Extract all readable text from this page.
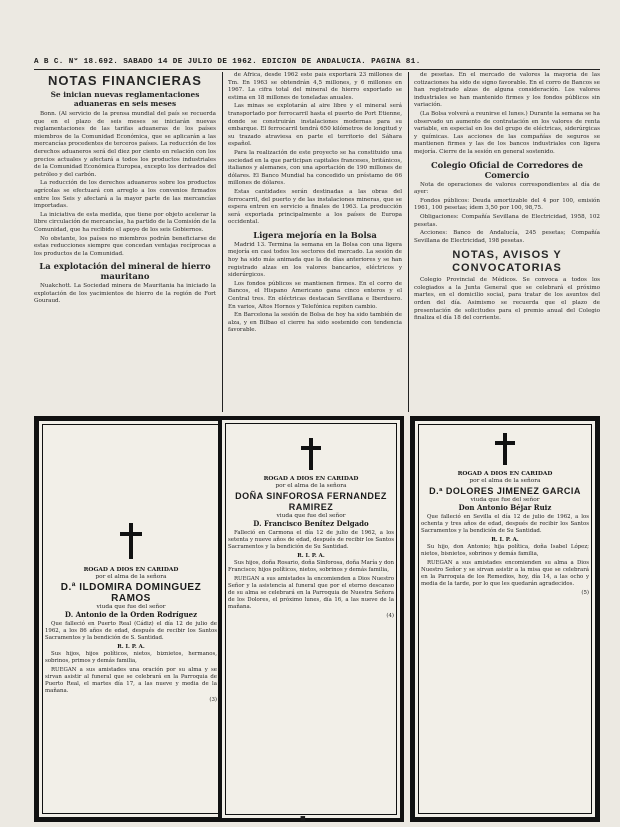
A B C. Nº 18.692. SABADO 14 DE JULIO DE 1962. EDICION DE ANDALUCIA. PAGINA 81.
NOTAS FINANCIERAS
Se inician nuevas reglamentaciones aduaneras en seis meses

Bonn. (Al servicio de la prensa mundial del país se recuerda que en el plazo de seis meses se iniciarán nuevas reglamentaciones de las tarifas aduaneras de los países miembros de la Comunidad Económica, que se aplicarán a las mercancías procedentes de terceros países. La reducción de los derechos aduaneros será del diez por ciento en relación con los precios actuales y afectará a todos los productos industriales de la Comunidad Económica Europea, excepto los derivados del petróleo y del carbón.

La reducción de los derechos aduaneros sobre los productos agrícolas se efectuará con arreglo a los convenios firmados entre los Seis y afectará a la mayor parte de las mercancías importadas.

La iniciativa de esta medida, que tiene por objeto acelerar la libre circulación de mercancías, ha partido de la Comisión de la Comunidad, que ha recibido el apoyo de los seis Gobiernos.

No obstante, los países no miembros podrán beneficiarse de estas reducciones siempre que concedan ventajas recíprocas a los productos de la Comunidad.

La explotación del mineral de hierro mauritano

Nuakchott. La Sociedad minera de Mauritania ha iniciado la explotación de los yacimientos de hierro de la región de Fort Gouraud.

de África, desde 1962 este país exportará 23 millones de Tm. En 1963 se obtendrán 4,5 millones, y 6 millones en 1967. La cifra total del mineral de hierro exportado se estima en 18 millones de toneladas anuales.

Las minas se explotarán al aire libre y el mineral será transportado por ferrocarril hasta el puerto de Port Etienne, donde se construirán instalaciones modernas para su embarque. El ferrocarril tendrá 650 kilómetros de longitud y su trazado atraviesa en parte el territorio del Sáhara español.

Para la realización de este proyecto se ha constituido una sociedad en la que participan capitales franceses, británicos, italianos y alemanes, con una aportación de 190 millones de dólares. El Banco Mundial ha concedido un préstamo de 66 millones de dólares.

Estas cantidades serán destinadas a las obras del ferrocarril, del puerto y de las instalaciones mineras, que se espera entren en servicio a finales de 1963. La producción será exportada principalmente a los países de Europa occidental.

Ligera mejoría en la Bolsa

Madrid 13. Termina la semana en la Bolsa con una ligera mejoría en casi todos los sectores del mercado. La sesión de hoy ha sido más animada que la de días anteriores y se han registrado alzas en los valores bancarios, eléctricos y siderúrgicos.

Los fondos públicos se mantienen firmes. En el corro de Bancos, el Hispano Americano gana cinco enteros y el Central tres. En eléctricas destacan Sevillana e Iberduero. En varios, Altos Hornos y Telefónica repiten cambio.

En Barcelona la sesión de Bolsa de hoy ha sido también de alza, y en Bilbao el cierre ha sido sostenido con tendencia favorable.

de pesetas. En el mercado de valores la mayoría de las cotizaciones ha sido de signo favorable. En el corro de Bancos se han registrado alzas de alguna consideración. Los valores industriales se han mantenido firmes y los fondos públicos sin variación.

(La Bolsa volverá a reunirse el lunes.) Durante la semana se ha observado un aumento de contratación en los valores de renta variable, en especial en los del grupo de eléctricas, siderúrgicas y químicas. Las acciones de las compañías de seguros se mantienen firmes y las de los bancos industriales con ligera mejoría. Cierre de la sesión en general sostenido.

Colegio Oficial de Corredores de Comercio

Nota de operaciones de valores correspondientes al día de ayer:

Fondos públicos: Deuda amortizable del 4 por 100, emisión 1961, 100 pesetas; ídem 3,50 por 100, 98,75.

Obligaciones: Compañía Sevillana de Electricidad, 1958, 102 pesetas.

Acciones: Banco de Andalucía, 245 pesetas; Compañía Sevillana de Electricidad, 198 pesetas.

NOTAS, AVISOS Y CONVOCATORIAS

Colegio Provincial de Médicos. Se convoca a todos los colegiados a la Junta General que se celebrará el próximo martes, en el domicilio social, para tratar de los asuntos del orden del día. Asimismo se recuerda que el plazo de presentación de solicitudes para el premio anual del Colegio finaliza el día 18 del corriente.

ROGAD A DIOS EN CARIDAD
por el alma de la señora
D.ª ILDOMIRA DOMINGUEZ RAMOS
viuda que fue del señor
D. Antonio de la Orden Rodríguez

Que falleció en Puerto Real (Cádiz) el día 12 de julio de 1962, a los 86 años de edad, después de recibir los Santos Sacramentos y la bendición de S. Santidad.

R. I. P. A.

Sus hijos, hijos políticos, nietos, biznietos, hermanos, sobrinos, primos y demás familia,

RUEGAN a sus amistades una oración por su alma y se sirvan asistir al funeral que se celebrará en la Parroquia de Puerto Real, el martes día 17, a las nueve y media de la mañana.

(3)
ROGAD A DIOS EN CARIDAD
por el alma de la señora
DOÑA SINFOROSA FERNANDEZ RAMIREZ
viuda que fue del señor
D. Francisco Benítez Delgado

Falleció en Carmona el día 12 de julio de 1962, a los setenta y nueve años de edad, después de recibir los Santos Sacramentos y la bendición de Su Santidad.

R. I. P. A.

Sus hijos, doña Rosario, doña Sinforosa, doña María y don Francisco; hijos políticos, nietos, sobrinos y demás familia,

RUEGAN a sus amistades la encomienden a Dios Nuestro Señor y la asistencia al funeral que por el eterno descanso de su alma se celebrará en la Parroquia de Nuestra Señora de los Dolores, el próximo lunes, día 16, a las nueve de la mañana.

(4)
ROGAD A DIOS EN CARIDAD
por el alma de la señora
D.ª DOLORES JIMENEZ GARCIA
viuda que fue del señor
Don Antonio Béjar Ruiz

Que falleció en Sevilla el día 12 de julio de 1962, a los ochenta y tres años de edad, después de recibir los Santos Sacramentos y la bendición de Su Santidad.

R. I. P. A.

Su hijo, don Antonio; hija política, doña Isabel López; nietos, bisnietos, sobrinos y demás familia,

RUEGAN a sus amistades encomienden su alma a Dios Nuestro Señor y se sirvan asistir a la misa que se celebrará en la Parroquia de los Remedios, hoy, día 14, a las ocho y media de la tarde, por lo que les quedarán agradecidos.

(5)
■
